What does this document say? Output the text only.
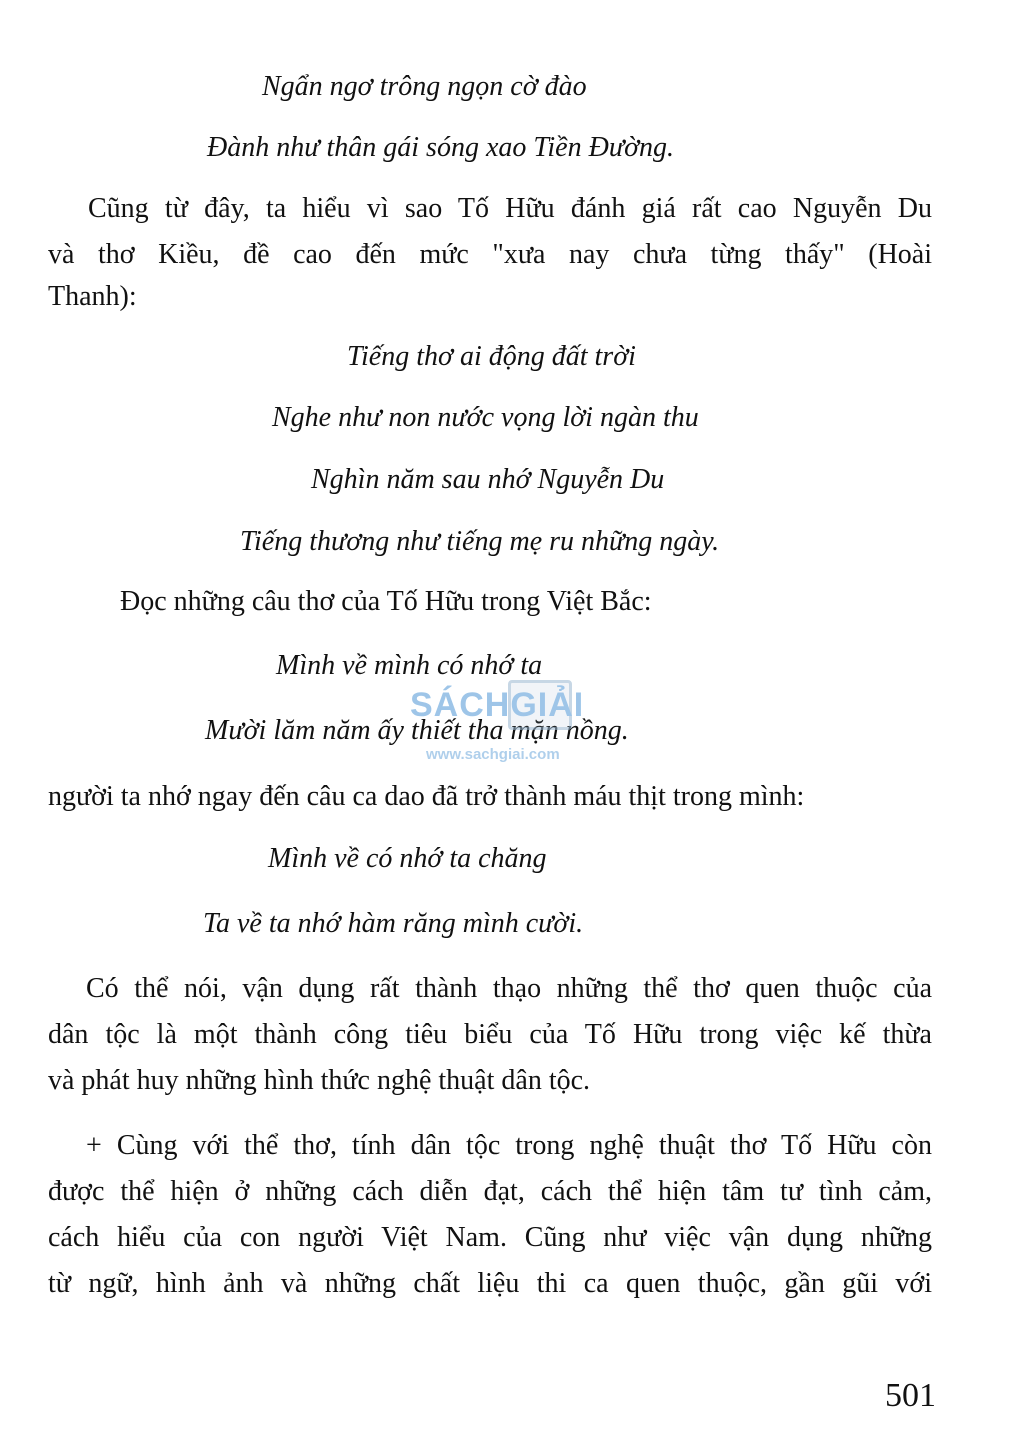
Ngẩn ngơ trông ngọn cờ đào
Đành như thân gái sóng xao Tiền Đường.
Cũng từ đây, ta hiểu vì sao Tố Hữu đánh giá rất cao Nguyễn Du
và thơ Kiều, đề cao đến mức "xưa nay chưa từng thấy" (Hoài
Thanh):
Tiếng thơ ai động đất trời
Nghe như non nước vọng lời ngàn thu
Nghìn năm sau nhớ Nguyễn Du
Tiếng thương như tiếng mẹ ru những ngày.
Đọc những câu thơ của Tố Hữu trong Việt Bắc:
Mình về mình có nhớ ta
Mười lăm năm ấy thiết tha mặn nồng.
người ta nhớ ngay đến câu ca dao đã trở thành máu thịt trong mình:
Mình về có nhớ ta chăng
Ta về ta nhớ hàm răng mình cười.
Có thể nói, vận dụng rất thành thạo những thể thơ quen thuộc của
dân tộc là một thành công tiêu biểu của Tố Hữu trong việc kế thừa
và phát huy những hình thức nghệ thuật dân tộc.
+ Cùng với thể thơ, tính dân tộc trong nghệ thuật thơ Tố Hữu còn
được thể hiện ở những cách diễn đạt, cách thể hiện tâm tư tình cảm,
cách hiểu của con người Việt Nam. Cũng như việc vận dụng những
từ ngữ, hình ảnh và những chất liệu thi ca quen thuộc, gần gũi với
SÁCHGIẢI
www.sachgiai.com
501
